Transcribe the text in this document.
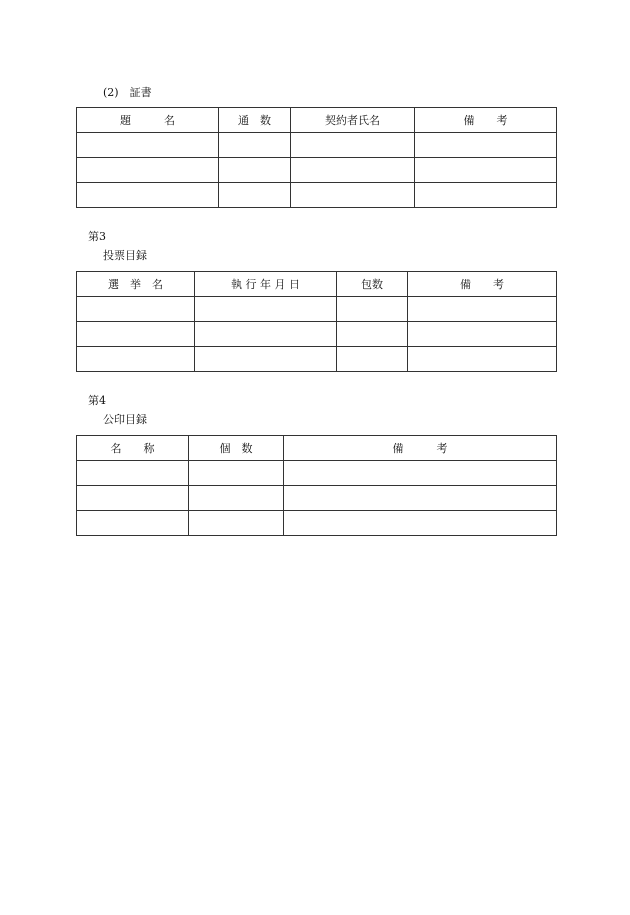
(2)　証書
題　　　名	通　数	契約者氏名	備　　考

第3
投票目録
選　挙　名	執 行 年 月 日	包数	備　　考

第4
公印目録
名　　称	個　数	備　　　考
